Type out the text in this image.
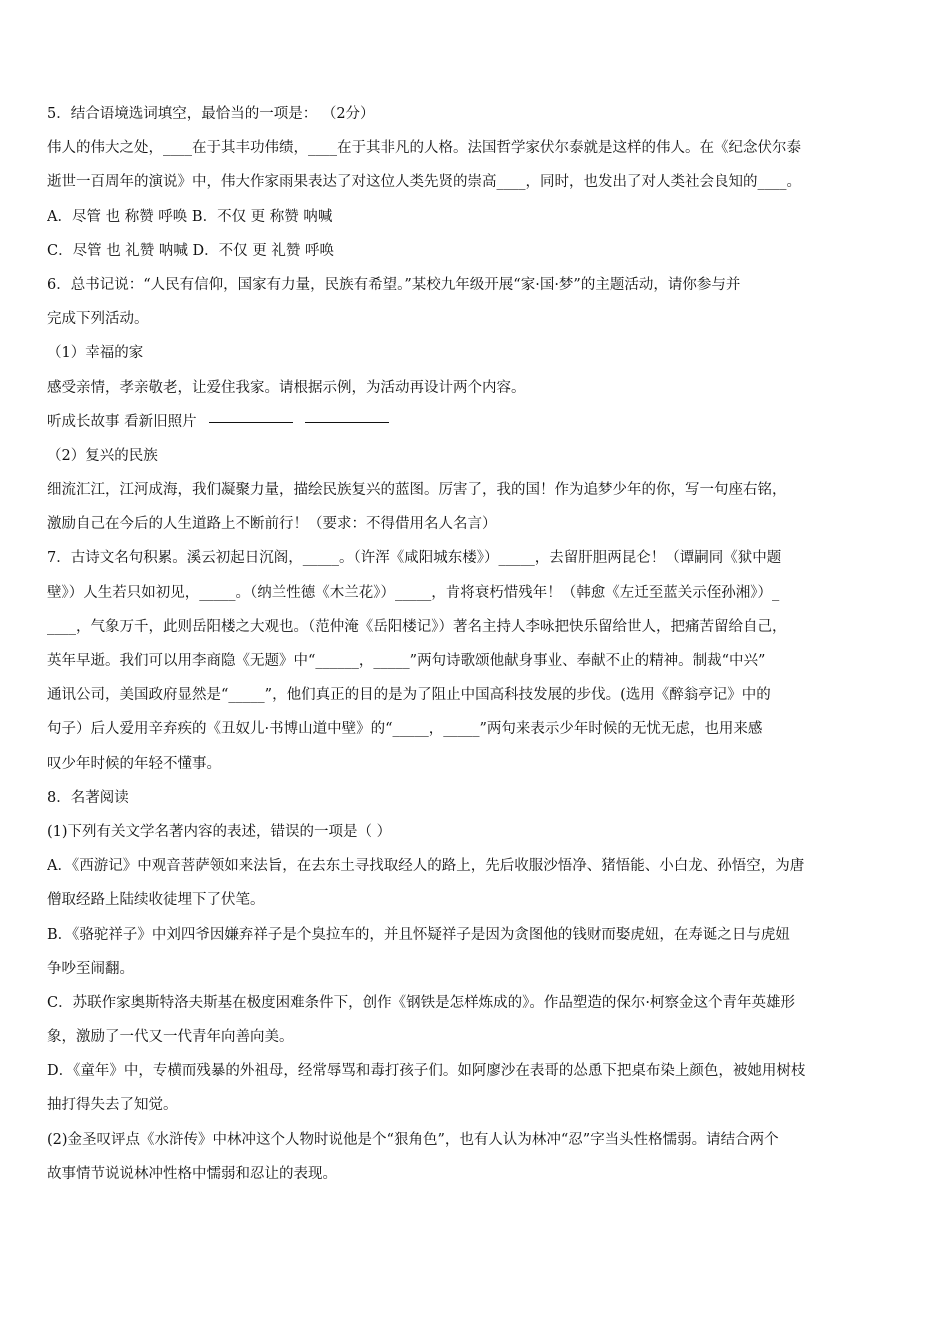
5．结合语境选词填空，最恰当的一项是： （2分）
伟人的伟大之处，____在于其丰功伟绩，____在于其非凡的人格。法国哲学家伏尔泰就是这样的伟人。在《纪念伏尔泰
逝世一百周年的演说》中，伟大作家雨果表达了对这位人类先贤的崇高____，同时，也发出了对人类社会良知的____。
A．尽管 也 称赞 呼唤 B．不仅 更 称赞 呐喊
C．尽管 也 礼赞 呐喊 D．不仅 更 礼赞 呼唤
6．总书记说：“人民有信仰，国家有力量，民族有希望。”某校九年级开展“家·国·梦”的主题活动，请你参与并
完成下列活动。
（1）幸福的家
感受亲情，孝亲敬老，让爱住我家。请根据示例，为活动再设计两个内容。
听成长故事 看新旧照片
（2）复兴的民族
细流汇江，江河成海，我们凝聚力量，描绘民族复兴的蓝图。厉害了，我的国！作为追梦少年的你，写一句座右铭，
激励自己在今后的人生道路上不断前行！（要求：不得借用名人名言）
7．古诗文名句积累。溪云初起日沉阁，_____。（许浑《咸阳城东楼》）_____，去留肝胆两昆仑！（谭嗣同《狱中题
壁》）人生若只如初见，_____。（纳兰性德《木兰花》）_____，肯将衰朽惜残年！（韩愈《左迁至蓝关示侄孙湘》）_
____，气象万千，此则岳阳楼之大观也。（范仲淹《岳阳楼记》）著名主持人李咏把快乐留给世人，把痛苦留给自己，
英年早逝。我们可以用李商隐《无题》中“______，_____”两句诗歌颂他献身事业、奉献不止的精神。制裁“中兴”
通讯公司，美国政府显然是“_____”，他们真正的目的是为了阻止中国高科技发展的步伐。(选用《醉翁亭记》中的
句子）后人爱用辛弃疾的《丑奴儿·书博山道中壁》的“_____，_____”两句来表示少年时候的无忧无虑，也用来感
叹少年时候的年轻不懂事。
8．名著阅读
(1)下列有关文学名著内容的表述，错误的一项是（ ）
A．《西游记》中观音菩萨领如来法旨，在去东土寻找取经人的路上，先后收服沙悟净、猪悟能、小白龙、孙悟空，为唐
僧取经路上陆续收徒埋下了伏笔。
B．《骆驼祥子》中刘四爷因嫌弃祥子是个臭拉车的，并且怀疑祥子是因为贪图他的钱财而娶虎妞，在寿诞之日与虎妞
争吵至闹翻。
C．苏联作家奥斯特洛夫斯基在极度困难条件下，创作《钢铁是怎样炼成的》。作品塑造的保尔·柯察金这个青年英雄形
象，激励了一代又一代青年向善向美。
D．《童年》中，专横而残暴的外祖母，经常辱骂和毒打孩子们。如阿廖沙在表哥的怂恿下把桌布染上颜色，被她用树枝
抽打得失去了知觉。
(2)金圣叹评点《水浒传》中林冲这个人物时说他是个“狠角色”，也有人认为林冲“忍”字当头性格懦弱。请结合两个
故事情节说说林冲性格中懦弱和忍让的表现。
